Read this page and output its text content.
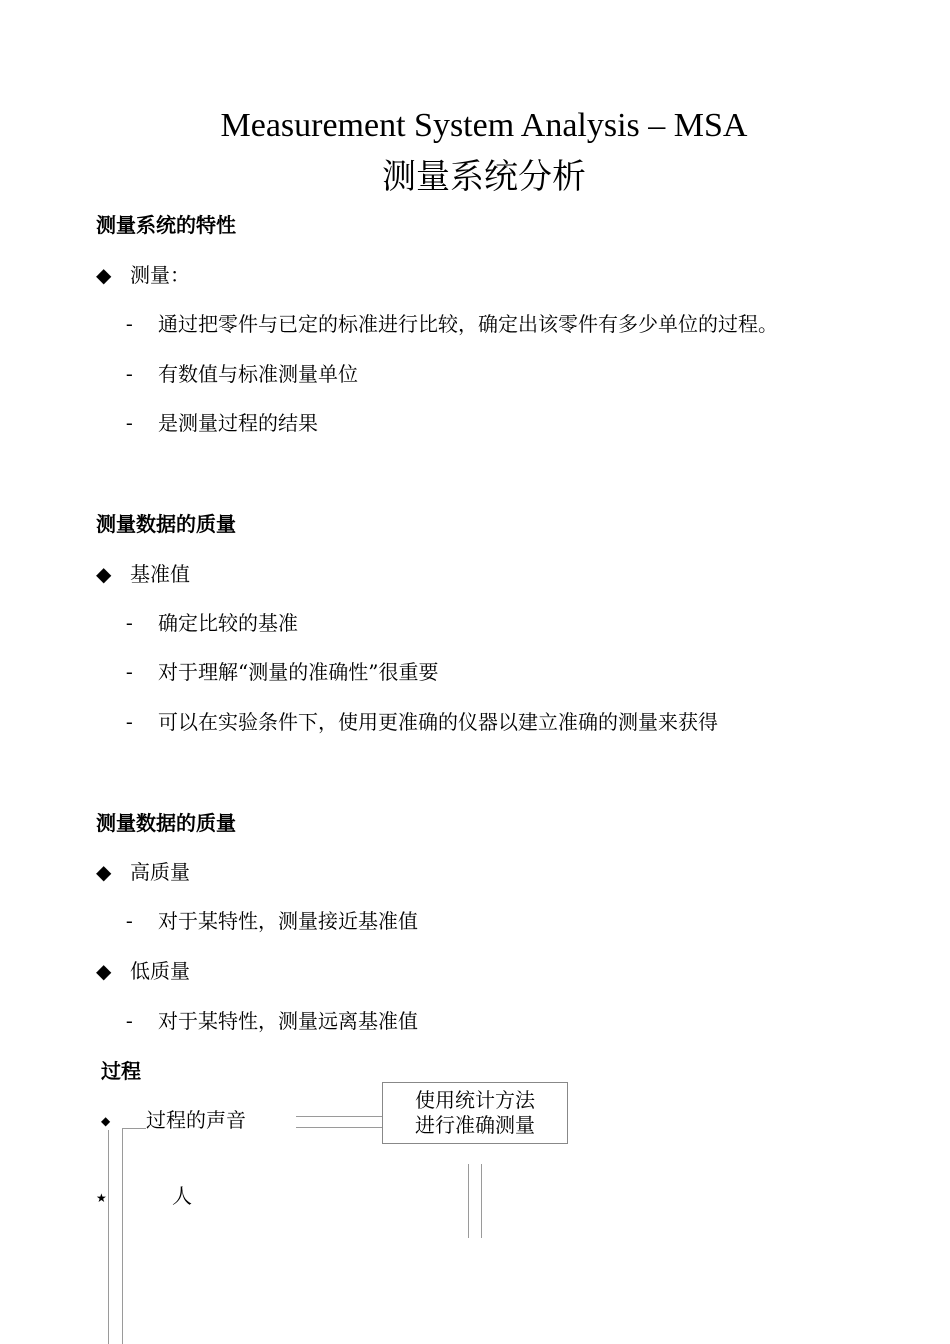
Measurement System Analysis – MSA
测量系统分析
测量系统的特性
◆ 测量：
-	通过把零件与已定的标准进行比较，确定出该零件有多少单位的过程。
-	有数值与标准测量单位
-	是测量过程的结果
测量数据的质量
◆ 基准值
-	确定比较的基准
-	对于理解“测量的准确性”很重要
-	可以在实验条件下，使用更准确的仪器以建立准确的测量来获得
测量数据的质量
◆ 高质量
-	对于某特性，测量接近基准值
◆ 低质量
-	对于某特性，测量远离基准值
过程
◆ 过程的声音
使用统计方法
进行准确测量
★	人
